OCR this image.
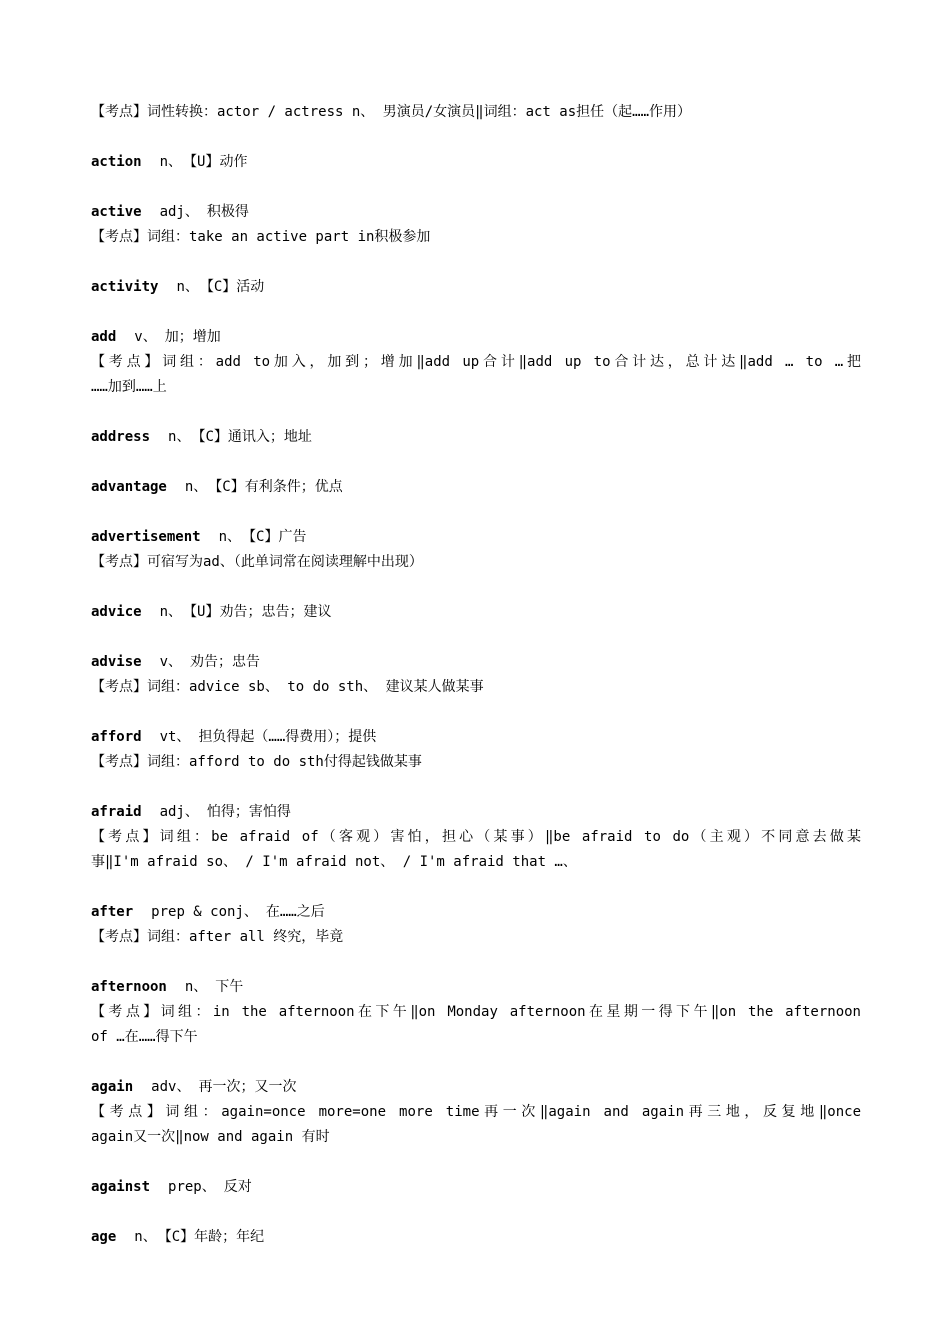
【考点】词性转换：actor / actress n、 男演员/女演员‖词组：act as担任（起……作用）
action n、 【U】动作
active adj、 积极得
【考点】词组：take an active part in积极参加
activity n、 【C】活动
add v、 加；增加
【考点】词组：add to加入，加到；增加‖add up合计‖add up to合计达，总计达‖add … to …把
……加到……上
address n、 【C】通讯入；地址
advantage n、 【C】有利条件；优点
advertisement n、 【C】广告
【考点】可宿写为ad、（此单词常在阅读理解中出现）
advice n、 【U】劝告；忠告；建议
advise v、 劝告；忠告
【考点】词组：advice sb、 to do sth、 建议某人做某事
afford vt、 担负得起（……得费用）；提供
【考点】词组：afford to do sth付得起钱做某事
afraid adj、 怕得；害怕得
【考点】词组：be afraid of（客观）害怕，担心（某事）‖be afraid to do（主观）不同意去做某
事‖I'm afraid so、 / I'm afraid not、 / I'm afraid that …、
after prep & conj、 在……之后
【考点】词组：after all 终究，毕竟
afternoon n、 下午
【考点】词组：in the afternoon在下午‖on Monday afternoon在星期一得下午‖on the afternoon
of …在……得下午
again adv、 再一次；又一次
【考点】词组：again=once more=one more time再一次‖again and again再三地，反复地‖once
again又一次‖now and again 有时
against prep、 反对
age n、 【C】年龄；年纪
